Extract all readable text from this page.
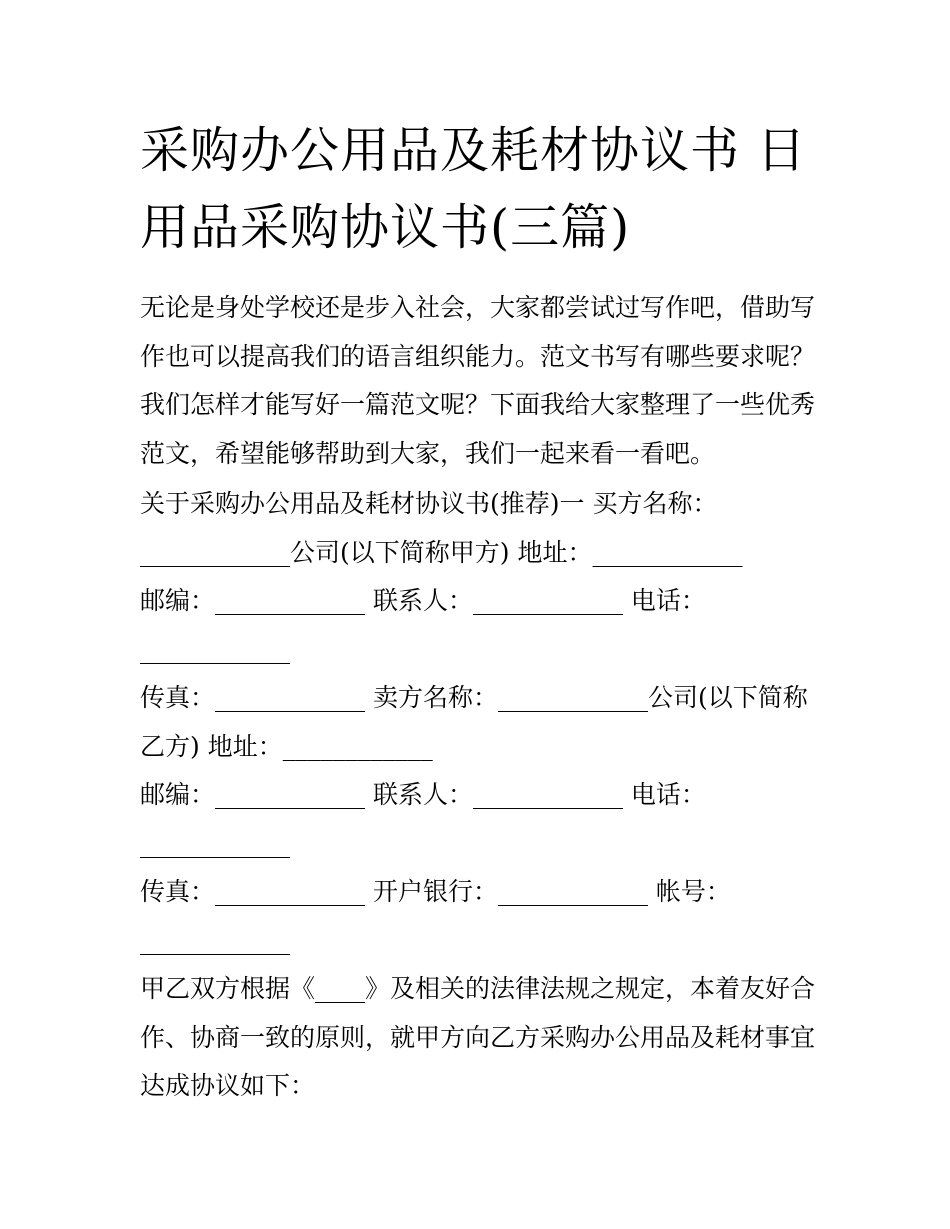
采购办公用品及耗材协议书 日用品采购协议书(三篇)

无论是身处学校还是步入社会，大家都尝试过写作吧，借助写作也可以提高我们的语言组织能力。范文书写有哪些要求呢？我们怎样才能写好一篇范文呢？下面我给大家整理了一些优秀范文，希望能够帮助到大家，我们一起来看一看吧。

关于采购办公用品及耗材协议书(推荐)一 买方名称：

____________公司(以下简称甲方) 地址：____________

邮编：____________ 联系人：____________ 电话：

____________

传真：____________ 卖方名称：____________公司(以下简称乙方) 地址：____________

邮编：____________ 联系人：____________ 电话：

____________

传真：____________ 开户银行：____________ 帐号：

____________

甲乙双方根据《____》及相关的法律法规之规定，本着友好合作、协商一致的原则，就甲方向乙方采购办公用品及耗材事宜达成协议如下：
